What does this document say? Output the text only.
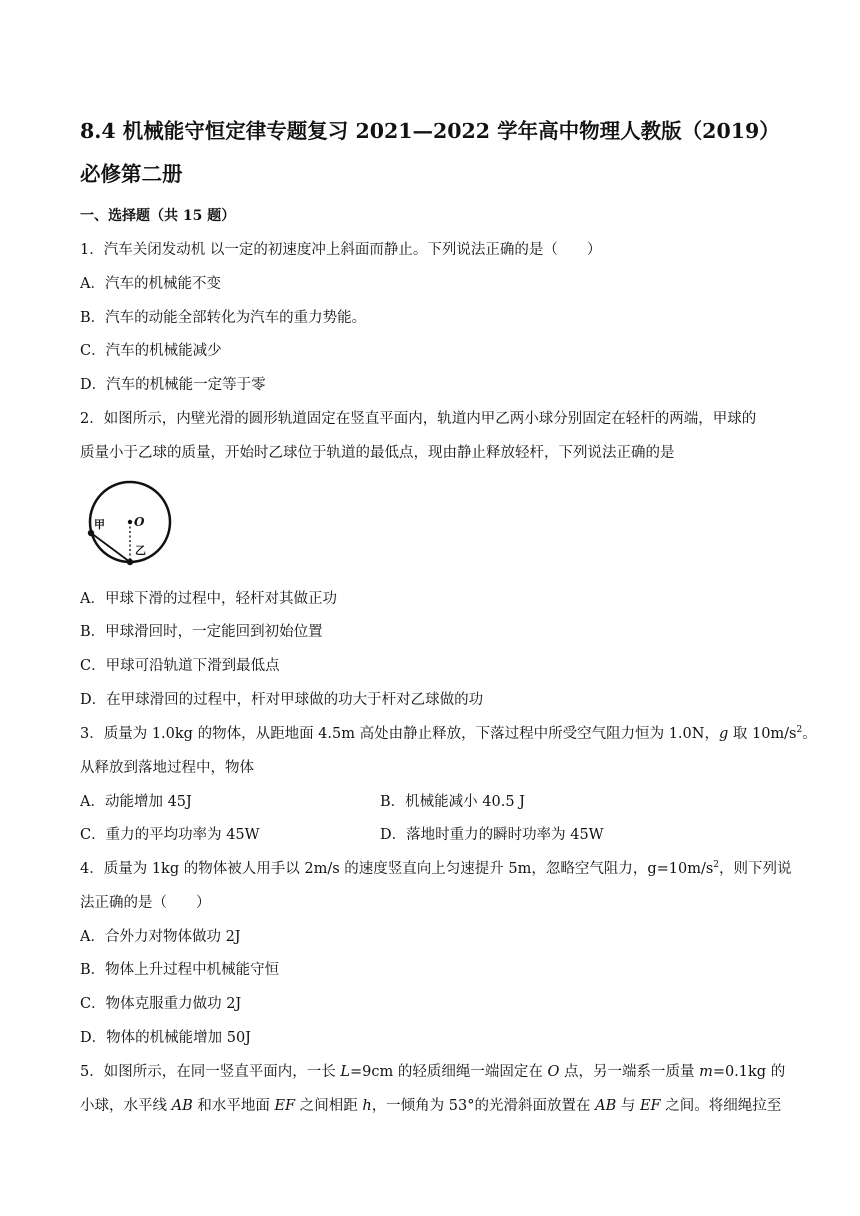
8.4 机械能守恒定律专题复习 2021—2022 学年高中物理人教版（2019）
必修第二册
一、选择题（共 15 题）
1．汽车关闭发动机 以一定的初速度冲上斜面而静止。下列说法正确的是（　　）
A．汽车的机械能不变
B．汽车的动能全部转化为汽车的重力势能。
C．汽车的机械能减少
D．汽车的机械能一定等于零
2．如图所示，内壁光滑的圆形轨道固定在竖直平面内，轨道内甲乙两小球分别固定在轻杆的两端，甲球的
质量小于乙球的质量，开始时乙球位于轨道的最低点，现由静止释放轻杆，下列说法正确的是
甲 O
乙
A．甲球下滑的过程中，轻杆对其做正功
B．甲球滑回时，一定能回到初始位置
C．甲球可沿轨道下滑到最低点
D．在甲球滑回的过程中，杆对甲球做的功大于杆对乙球做的功
3．质量为 1.0kg 的物体，从距地面 4.5m 高处由静止释放，下落过程中所受空气阻力恒为 1.0N，g 取 $10m/s^2$。
从释放到落地过程中，物体
A．动能增加 45J	B．机械能减小 40.5 J
C．重力的平均功率为 45W	D．落地时重力的瞬时功率为 45W
4．质量为 1kg 的物体被人用手以 2m/s 的速度竖直向上匀速提升 5m，忽略空气阻力，$g=10m/s^2$，则下列说
法正确的是（　　）
A．合外力对物体做功 2J
B．物体上升过程中机械能守恒
C．物体克服重力做功 2J
D．物体的机械能增加 50J
5．如图所示，在同一竖直平面内，一长 L=9cm 的轻质细绳一端固定在 O 点，另一端系一质量 m=0.1kg 的
小球，水平线 AB 和水平地面 EF 之间相距 h，一倾角为 53°的光滑斜面放置在 AB 与 EF 之间。将细绳拉至
